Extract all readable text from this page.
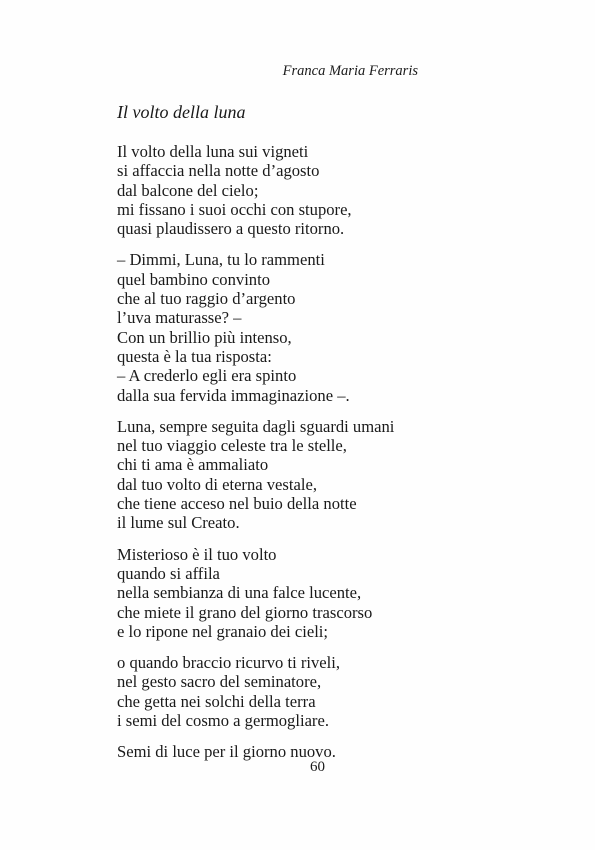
Franca Maria Ferraris
Il volto della luna
Il volto della luna sui vigneti
si affaccia nella notte d’agosto
dal balcone del cielo;
mi fissano i suoi occhi con stupore,
quasi plaudissero a questo ritorno.
– Dimmi, Luna, tu lo rammenti
quel bambino convinto
che al tuo raggio d’argento
l’uva maturasse? –
Con un brillio più intenso,
questa è la tua risposta:
– A crederlo egli era spinto
dalla sua fervida immaginazione –.
Luna, sempre seguita dagli sguardi umani
nel tuo viaggio celeste tra le stelle,
chi ti ama è ammaliato
dal tuo volto di eterna vestale,
che tiene acceso nel buio della notte
il lume sul Creato.
Misterioso è il tuo volto
quando si affila
nella sembianza di una falce lucente,
che miete il grano del giorno trascorso
e lo ripone nel granaio dei cieli;
o quando braccio ricurvo ti riveli,
nel gesto sacro del seminatore,
che getta nei solchi della terra
i semi del cosmo a germogliare.
Semi di luce per il giorno nuovo.
60
